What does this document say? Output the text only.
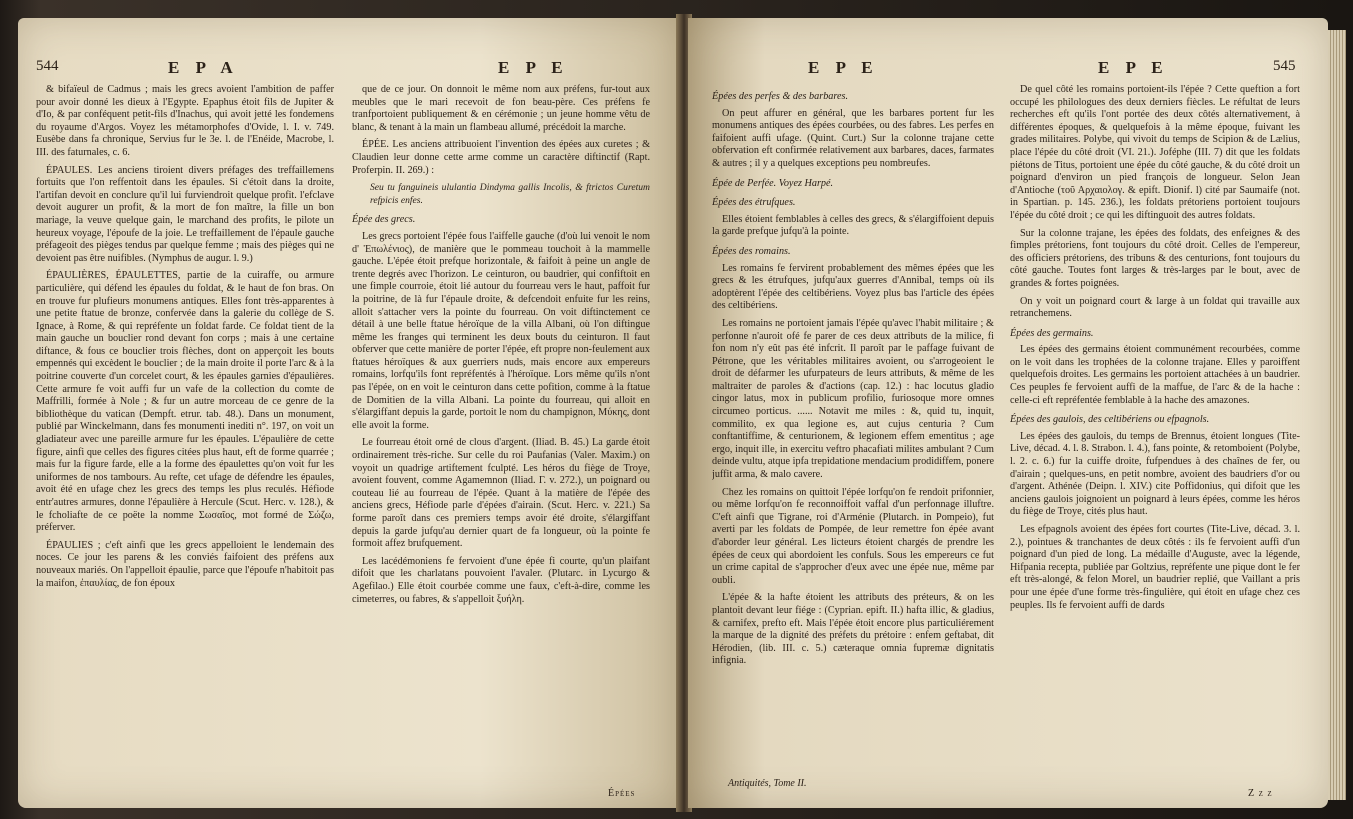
544	E P A	E P E

& bifaïeul de Cadmus ; mais les grecs avoient l'ambition de paffer pour avoir donné les dieux à l'Egypte. Epaphus étoit fils de Jupiter & d'Io, & par conféquent petit-fils d'Inachus, qui avoit jetté les fondemens du royaume d'Argos. Voyez les métamorphofes d'Ovide, l. I. v. 749. Eusèbe dans fa chronique, Servius fur le 3e. l. de l'Enéide, Macrobe, l. III. des faturnales, c. 6.

ÉPAULES. Les anciens tiroient divers préfages des treffaillemens fortuits que l'on reffentoit dans les épaules. Si c'étoit dans la droite, l'artifan devoit en conclure qu'il lui furviendroit quelque profit. l'efclave devoit augurer un profit, & la mort de fon maître, la fille un bon mariage, la veuve quelque gain, le marchand des profits, le pilote un heureux voyage, l'époufe de la joie. Le treffaillement de l'épaule gauche préfageoit des pièges tendus par quelque femme ; mais des pièges qui ne devoient pas être nuifibles. (Nymphus de augur. l. 9.)

ÉPAULIÈRES, ÉPAULETTES, partie de la cuiraffe, ou armure particulière, qui défend les épaules du foldat, & le haut de fon bras. On en trouve fur plufieurs monumens antiques. Elles font très-apparentes à une petite ftatue de bronze, confervée dans la galerie du collège de S. Ignace, à Rome, & qui repréfente un foldat farde. Ce foldat tient de la main gauche un bouclier rond devant fon corps ; mais à une certaine diftance, & fous ce bouclier trois flèches, dont on apperçoit les bouts empennés qui excèdent le bouclier ; de la main droite il porte l'arc & à la poitrine couverte d'un corcelet court, & les épaules garnies d'épaulières. Cette armure fe voit auffi fur un vafe de la collection du comte de Maffrilli, formée à Nole ; & fur un autre morceau de ce genre de la bibliothèque du vatican (Dempft. etrur. tab. 48.). Dans un monument, publié par Winckelmann, dans fes monumenti inediti n°. 197, on voit un gladiateur avec une pareille armure fur les épaules. L'épaulière de cette figure, ainfi que celles des figures citées plus haut, eft de forme quarrée ; mais fur la figure farde, elle a la forme des épaulettes qu'on voit fur les uniformes de nos tambours. Au refte, cet ufage de défendre les épaules, avoit été en ufage chez les grecs des temps les plus reculés. Héfiode entr'autres armures, donne l'épaulière à Hercule (Scut. Herc. v. 128.), & le fcholiafte de ce poëte la nomme Σωσαῖος, mot formé de Σώζω, préferver.

ÉPAULIES ; c'eft ainfi que les grecs appelloient le lendemain des noces. Ce jour les parens & les conviés faifoient des préfens aux nouveaux mariés. On l'appelloit épaulie, parce que l'époufe n'habitoit pas la maifon, ἐπαυλίας, de fon époux

que de ce jour. On donnoit le même nom aux préfens, fur-tout aux meubles que le mari recevoit de fon beau-père. Ces préfens fe tranfportoient publiquement & en cérémonie ; un jeune homme vêtu de blanc, & tenant à la main un flambeau allumé, précédoit la marche.

ÉPÉE. Les anciens attribuoient l'invention des épées aux curetes ; & Claudien leur donne cette arme comme un caractère diftinctif (Rapt. Proferpin. II. 269.) :

Seu tu fanguineis ululantia Dindyma gallis Incolis, & ftrictos Curetum refpicis enfes.

Épée des grecs.

Les grecs portoient l'épée fous l'aiffelle gauche (d'où lui venoit le nom d' Ἐπωλένιος), de manière que le pommeau touchoit à la mammelle gauche. L'épée étoit prefque horizontale, & faifoit à peine un angle de trente degrés avec l'horizon. Le ceinturon, ou baudrier, qui confiftoit en une fimple courroie, étoit lié autour du fourreau vers le haut, paffoit fur la poitrine, de là fur l'épaule droite, & defcendoit enfuite fur les reins, alloit s'attacher vers la pointe du fourreau. On voit diftinctement ce détail à une belle ftatue héroïque de la villa Albani, où l'on diftingue même les franges qui terminent les deux bouts du ceinturon. Il faut obferver que cette manière de porter l'épée, eft propre non-feulement aux ftatues héroïques & aux guerriers nuds, mais encore aux empereurs romains, lorfqu'ils font repréfentés à l'héroïque. Lors même qu'ils n'ont pas l'épée, on en voit le ceinturon dans cette pofition, comme à la ftatue de Domitien de la villa Albani. La pointe du fourreau, qui alloit en s'élargiffant depuis la garde, portoit le nom du champignon, Μύκης, dont elle avoit la forme.

Le fourreau étoit orné de clous d'argent. (Iliad. B. 45.) La garde étoit ordinairement très-riche. Sur celle du roi Paufanias (Valer. Maxim.) on voyoit un quadrige artiftement fculpté. Les héros du fiège de Troye, avoient fouvent, comme Agamemnon (Iliad. Γ. v. 272.), un poignard ou couteau lié au fourreau de l'épée. Quant à la matière de l'épée des anciens grecs, Héfiode parle d'épées d'airain. (Scut. Herc. v. 221.) Sa forme paroît dans ces premiers temps avoir été droite, s'élargiffant depuis la garde jufqu'au dernier quart de fa longueur, où la pointe fe formoit affez brufquement.

Les lacédémoniens fe fervoient d'une épée fi courte, qu'un plaifant difoit que les charlatans pouvoient l'avaler. (Plutarc. in Lycurgo & Agefilao.) Elle étoit courbée comme une faux, c'eft-à-dire, comme les cimeterres, ou fabres, & s'appelloit ξυήλη.

Épées
E P E	E P E	545

Épées des perfes & des barbares.

On peut affurer en général, que les barbares portent fur les monumens antiques des épées courbées, ou des fabres. Les perfes en faifoient auffi ufage. (Quint. Curt.) Sur la colonne trajane cette obfervation eft confirmée relativement aux barbares, daces, farmates & autres ; il y a quelques exceptions peu nombreufes.

Épée de Perfée. Voyez Harpé.

Épées des étrufques.

Elles étoient femblables à celles des grecs, & s'élargiffoient depuis la garde prefque jufqu'à la pointe.

Épées des romains.

Les romains fe fervirent probablement des mêmes épées que les grecs & les étrufques, jufqu'aux guerres d'Annibal, temps où ils adoptèrent l'épée des celtibériens. Voyez plus bas l'article des épées des celtibériens.

Les romains ne portoient jamais l'épée qu'avec l'habit militaire ; & perfonne n'auroit ofé fe parer de ces deux attributs de la milice, fi fon nom n'y eût pas été infcrit. Il paroît par le paffage fuivant de Pétrone, que les véritables militaires avoient, ou s'arrogeoient le droit de défarmer les ufurpateurs de leurs attributs, & même de les maltraiter de paroles & d'actions (cap. 12.) : hac locutus gladio cingor latus, mox in publicum profilio, furiosoque more omnes circumeo porticus. ...... Notavit me miles : &, quid tu, inquit, commilito, ex qua legione es, aut cujus centuria ? Cum conftantiffime, & centurionem, & legionem effem ementitus ; age ergo, inquit ille, in exercitu veftro phacafiati milites ambulant ? Cum deinde vultu, atque ipfa trepidatione mendacium prodidiffem, ponere juffit arma, & malo cavere.

Chez les romains on quittoit l'épée lorfqu'on fe rendoit prifonnier, ou même lorfqu'on fe reconnoiffoit vaffal d'un perfonnage illuftre. C'eft ainfi que Tigrane, roi d'Arménie (Plutarch. in Pompeio), fut averti par les foldats de Pompée, de leur remettre fon épée avant d'aborder leur général. Les licteurs étoient chargés de prendre les épées de ceux qui abordoient les confuls. Sous les empereurs ce fut un crime capital de s'approcher d'eux avec une épée nue, même par oubli.

L'épée & la hafte étoient les attributs des préteurs, & on les plantoit devant leur fiége : (Cyprian. epift. II.) hafta illic, & gladius, & carnifex, prefto eft. Mais l'épée étoit encore plus particuliérement la marque de la dignité des préfets du prétoire : enfem geftabat, dit Hérodien, (lib. III. c. 5.) cæteraque omnia fupremæ dignitatis infignia.

Antiquités, Tome II.

De quel côté les romains portoient-ils l'épée ? Cette queftion a fort occupé les philologues des deux derniers fiècles. Le réfultat de leurs recherches eft qu'ils l'ont portée des deux côtés alternativement, à différentes époques, & quelquefois à la même époque, fuivant les grades militaires. Polybe, qui vivoit du temps de Scipion & de Lælius, place l'épée du côté droit (VI. 21.). Joféphe (III. 7) dit que les foldats piétons de Titus, portoient une épée du côté gauche, & du côté droit un poignard d'environ un pied françois de longueur. Selon Jean d'Antioche (τοῦ Αρχαιολογ. & epift. Dionif. l) cité par Saumaife (not. in Spartian. p. 145. 236.), les foldats prétoriens portoient toujours l'épée du côté droit ; ce qui les diftinguoit des autres foldats.

Sur la colonne trajane, les épées des foldats, des enfeignes & des fimples prétoriens, font toujours du côté droit. Celles de l'empereur, des officiers prétoriens, des tribuns & des centurions, font toujours du côté gauche. Toutes font larges & très-larges par le bout, avec de grandes & fortes poignées.

On y voit un poignard court & large à un foldat qui travaille aux retranchemens.

Épées des germains.

Les épées des germains étoient communément recourbées, comme on le voit dans les trophées de la colonne trajane. Elles y paroiffent quelquefois droites. Les germains les portoient attachées à un baudrier. Ces peuples fe fervoient auffi de la maffue, de l'arc & de la hache : celle-ci eft repréfentée femblable à la hache des amazones.

Épées des gaulois, des celtibériens ou efpagnols.

Les épées des gaulois, du temps de Brennus, étoient longues (Tite-Live, décad. 4. l. 8. Strabon. l. 4.), fans pointe, & retomboient (Polybe, l. 2. c. 6.) fur la cuiffe droite, fufpendues à des chaînes de fer, ou d'airain ; quelques-uns, en petit nombre, avoient des baudriers d'or ou d'argent. Athénée (Deipn. l. XIV.) cite Poffidonius, qui difoit que les anciens gaulois joignoient un poignard à leurs épées, comme les héros du fiège de Troye, cités plus haut.

Les efpagnols avoient des épées fort courtes (Tite-Live, décad. 3. l. 2.), pointues & tranchantes de deux côtés : ils fe fervoient auffi d'un poignard d'un pied de long. La médaille d'Auguste, avec la légende, Hifpania recepta, publiée par Goltzius, repréfente une pique dont le fer eft très-alongé, & felon Morel, un baudrier replié, que Vaillant a pris pour une épée d'une forme très-fingulière, qui étoit en ufage chez ces peuples. Ils fe fervoient auffi de dards

Z z z
